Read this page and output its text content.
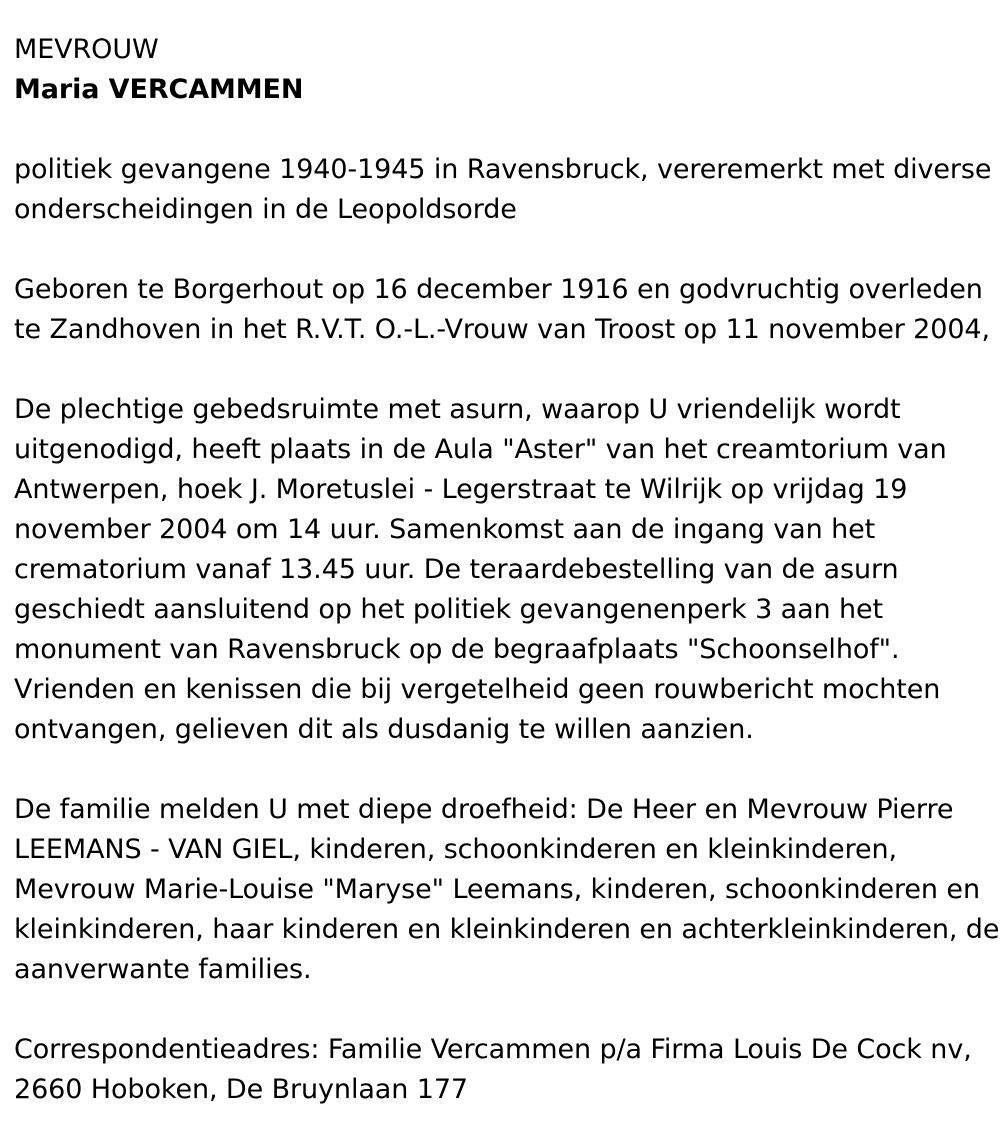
MEVROUW
Maria VERCAMMEN

politiek gevangene 1940-1945 in Ravensbruck, vereremerkt met diverse
onderscheidingen in de Leopoldsorde

Geboren te Borgerhout op 16 december 1916 en godvruchtig overleden
te Zandhoven in het R.V.T. O.-L.-Vrouw van Troost op 11 november 2004,

De plechtige gebedsruimte met asurn, waarop U vriendelijk wordt
uitgenodigd, heeft plaats in de Aula "Aster" van het creamtorium van
Antwerpen, hoek J. Moretuslei - Legerstraat te Wilrijk op vrijdag 19
november 2004 om 14 uur. Samenkomst aan de ingang van het
crematorium vanaf 13.45 uur. De teraardebestelling van de asurn
geschiedt aansluitend op het politiek gevangenenperk 3 aan het
monument van Ravensbruck op de begraafplaats "Schoonselhof".
Vrienden en kenissen die bij vergetelheid geen rouwbericht mochten
ontvangen, gelieven dit als dusdanig te willen aanzien.

De familie melden U met diepe droefheid: De Heer en Mevrouw Pierre
LEEMANS - VAN GIEL, kinderen, schoonkinderen en kleinkinderen,
Mevrouw Marie-Louise "Maryse" Leemans, kinderen, schoonkinderen en
kleinkinderen, haar kinderen en kleinkinderen en achterkleinkinderen, de
aanverwante families.

Correspondentieadres: Familie Vercammen p/a Firma Louis De Cock nv,
2660 Hoboken, De Bruynlaan 177
